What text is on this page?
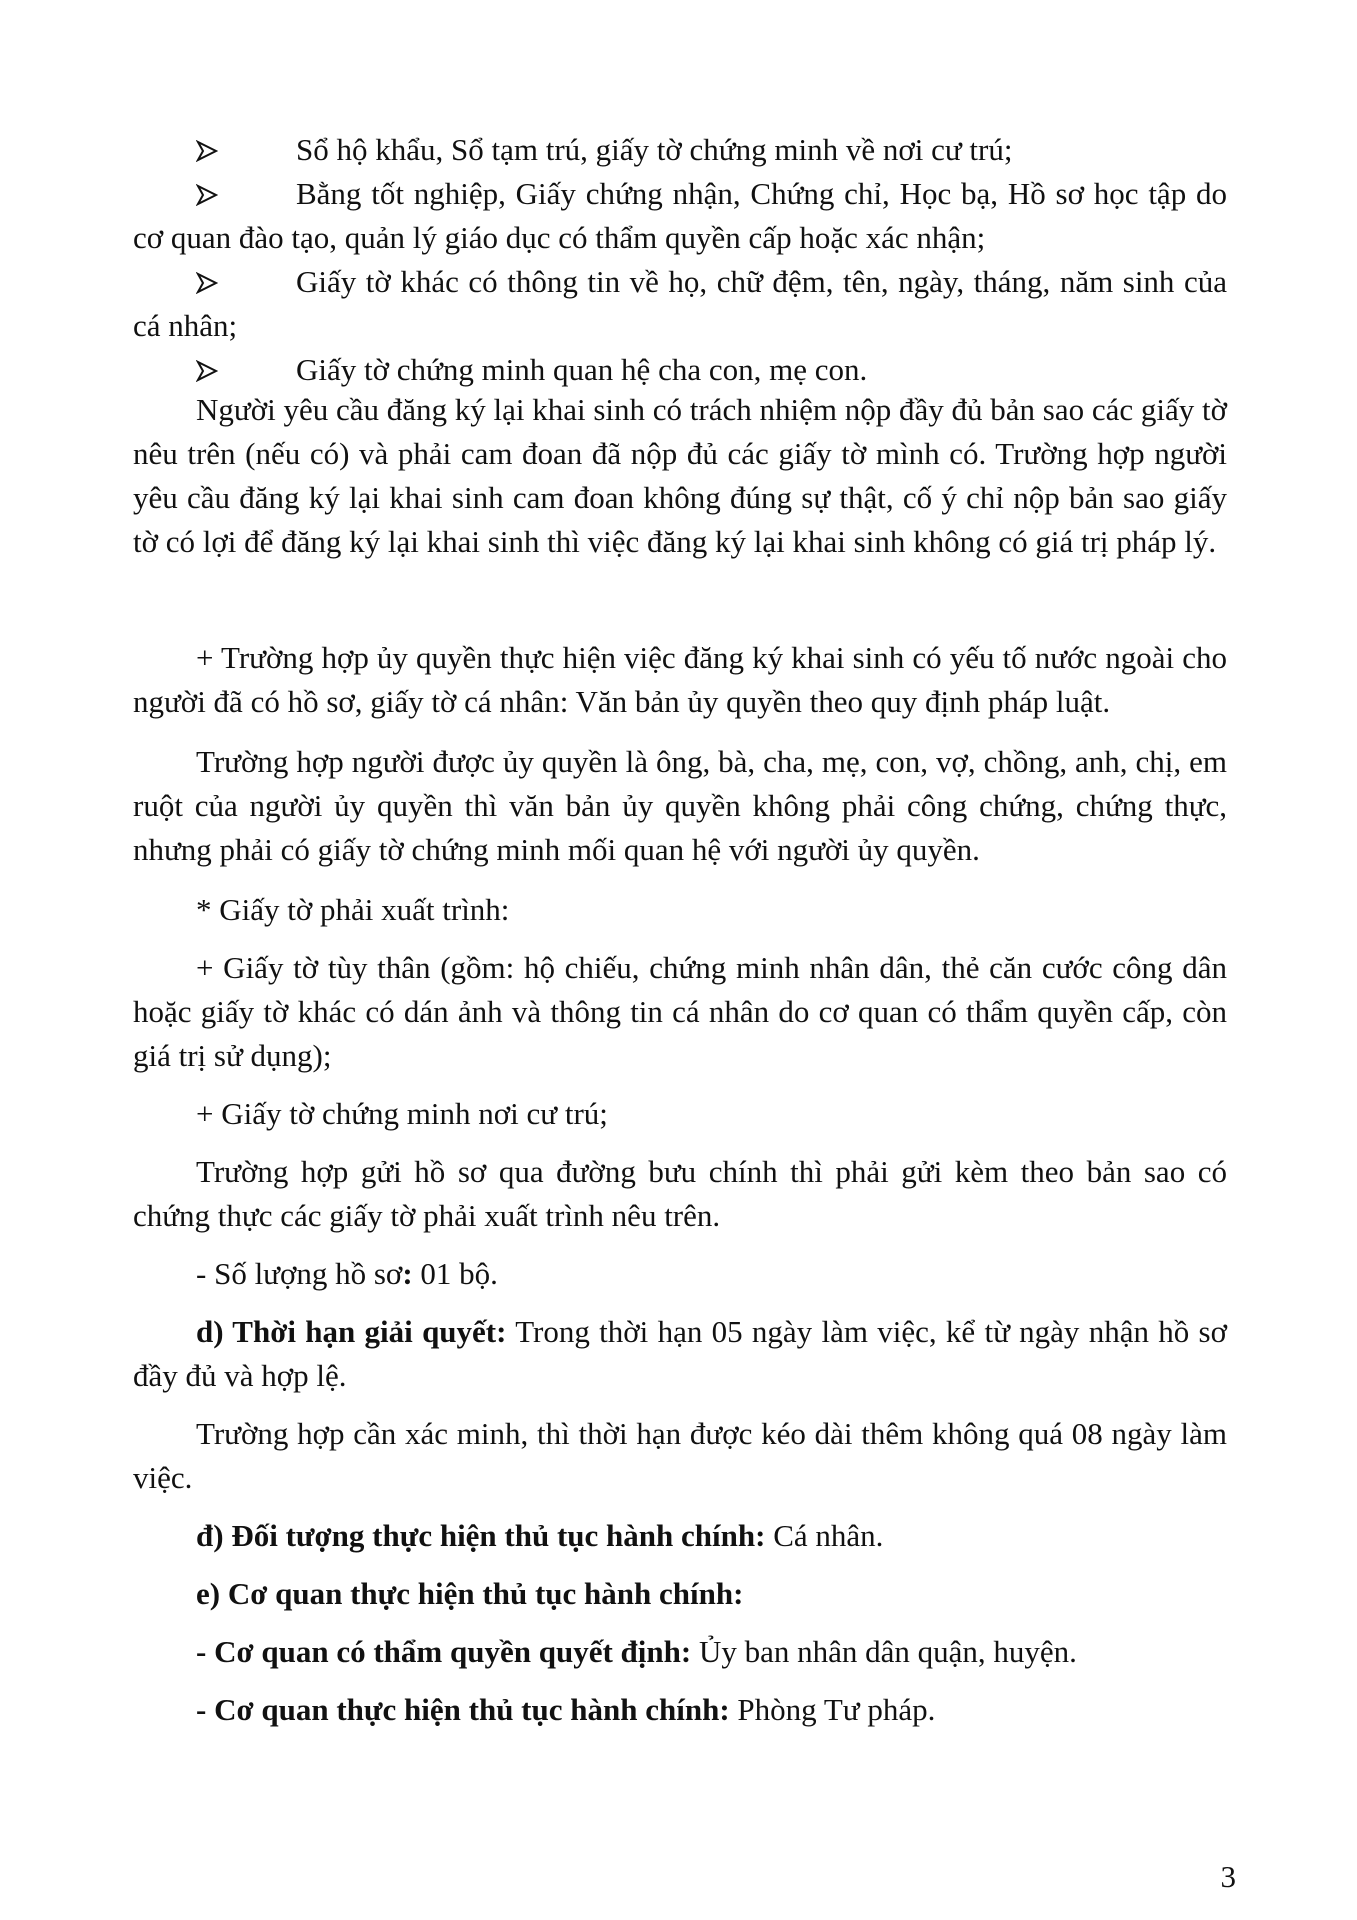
Sổ hộ khẩu, Sổ tạm trú, giấy tờ chứng minh về nơi cư trú;
Bằng tốt nghiệp, Giấy chứng nhận, Chứng chỉ, Học bạ, Hồ sơ học tập do cơ quan đào tạo, quản lý giáo dục có thẩm quyền cấp hoặc xác nhận;
Giấy tờ khác có thông tin về họ, chữ đệm, tên, ngày, tháng, năm sinh của cá nhân;
Giấy tờ chứng minh quan hệ cha con, mẹ con.

Người yêu cầu đăng ký lại khai sinh có trách nhiệm nộp đầy đủ bản sao các giấy tờ nêu trên (nếu có) và phải cam đoan đã nộp đủ các giấy tờ mình có. Trường hợp người yêu cầu đăng ký lại khai sinh cam đoan không đúng sự thật, cố ý chỉ nộp bản sao giấy tờ có lợi để đăng ký lại khai sinh thì việc đăng ký lại khai sinh không có giá trị pháp lý.

+ Trường hợp ủy quyền thực hiện việc đăng ký khai sinh có yếu tố nước ngoài cho người đã có hồ sơ, giấy tờ cá nhân: Văn bản ủy quyền theo quy định pháp luật.

Trường hợp người được ủy quyền là ông, bà, cha, mẹ, con, vợ, chồng, anh, chị, em ruột của người ủy quyền thì văn bản ủy quyền không phải công chứng, chứng thực, nhưng phải có giấy tờ chứng minh mối quan hệ với người ủy quyền.

* Giấy tờ phải xuất trình:

+ Giấy tờ tùy thân (gồm: hộ chiếu, chứng minh nhân dân, thẻ căn cước công dân hoặc giấy tờ khác có dán ảnh và thông tin cá nhân do cơ quan có thẩm quyền cấp, còn giá trị sử dụng);

+ Giấy tờ chứng minh nơi cư trú;

Trường hợp gửi hồ sơ qua đường bưu chính thì phải gửi kèm theo bản sao có chứng thực các giấy tờ phải xuất trình nêu trên.

- Số lượng hồ sơ: 01 bộ.

d) Thời hạn giải quyết: Trong thời hạn 05 ngày làm việc, kể từ ngày nhận hồ sơ đầy đủ và hợp lệ.

Trường hợp cần xác minh, thì thời hạn được kéo dài thêm không quá 08 ngày làm việc.

đ) Đối tượng thực hiện thủ tục hành chính: Cá nhân.

e) Cơ quan thực hiện thủ tục hành chính:

- Cơ quan có thẩm quyền quyết định: Ủy ban nhân dân quận, huyện.

- Cơ quan thực hiện thủ tục hành chính: Phòng Tư pháp.

3
